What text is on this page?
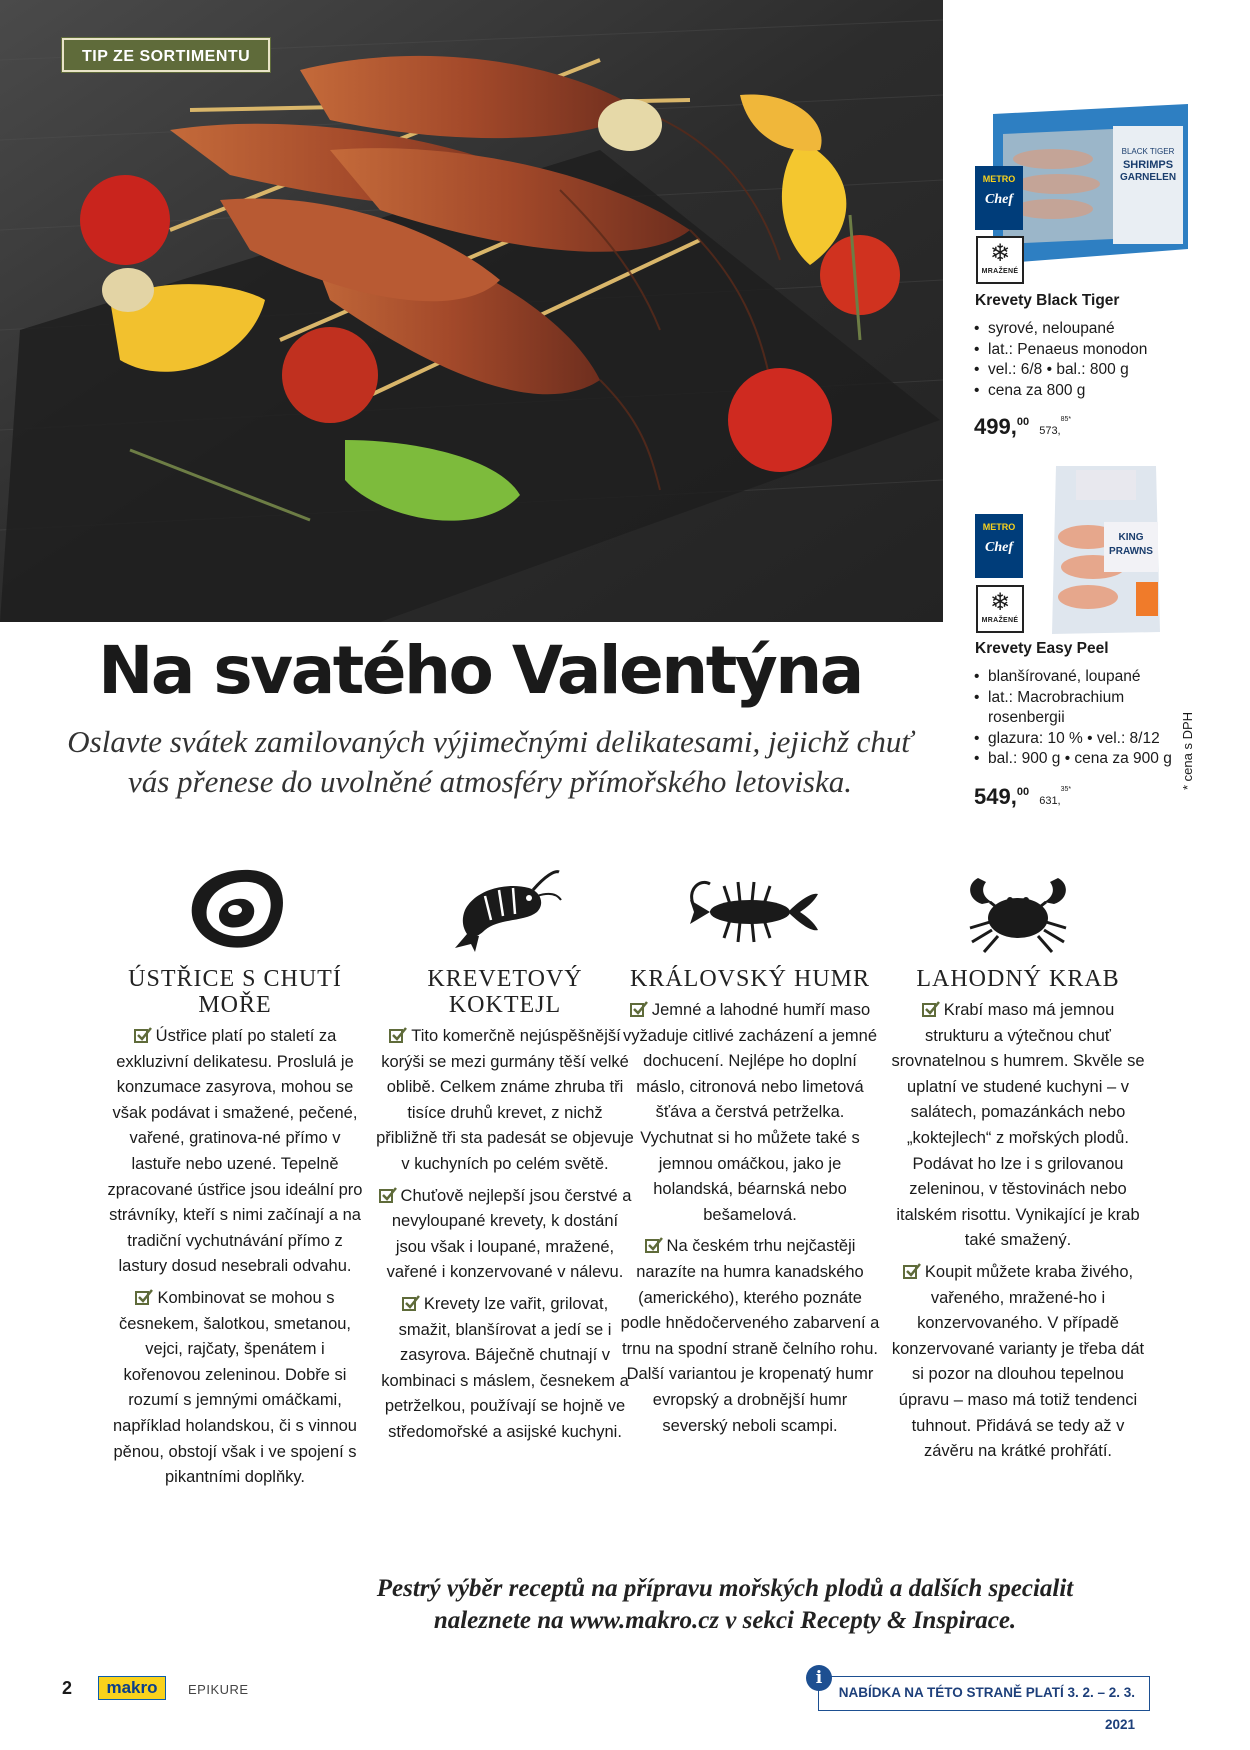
TIP ZE SORTIMENTU
BLACK TIGER
SHRIMPS
GARNELEN
METRO
Chef
❄
MRAŽENÉ
Krevety Black Tiger
• syrové, neloupané
• lat.: Penaeus monodon
• vel.: 6/8 • bal.: 800 g
• cena za 800 g
499,00 573,$^{85*}$
KING
PRAWNS
METRO
Chef
❄
MRAŽENÉ
Krevety Easy Peel
• blanšírované, loupané
• lat.: Macrobrachium
rosenbergii
• glazura: 10 % • vel.: 8/12
• bal.: 900 g • cena za 900 g
549,00 631,$^{35*}$	* cena s DPH
Na svatého Valentýna
Oslavte svátek zamilovaných výjimečnými delikatesami, jejichž chuť vás přenese do uvolněné atmosféry přímořského letoviska.
ÚSTŘICE S CHUTÍ MOŘE

Ústřice platí po staletí za exkluzivní delikatesu. Proslulá je konzumace zasyrova, mohou se však podávat i smažené, pečené, vařené, gratinova-né přímo v lastuře nebo uzené. Tepelně zpracované ústřice jsou ideální pro strávníky, kteří s nimi začínají a na tradiční vychutnávání přímo z lastury dosud nesebrali odvahu.

Kombinovat se mohou s česnekem, šalotkou, smetanou, vejci, rajčaty, špenátem i kořenovou zeleninou. Dobře si rozumí s jemnými omáčkami, například holandskou, či s vinnou pěnou, obstojí však i ve spojení s pikantními doplňky.

KREVETOVÝ KOKTEJL

Tito komerčně nejúspěšnější korýši se mezi gurmány těší velké oblibě. Celkem známe zhruba tři tisíce druhů krevet, z nichž přibližně tři sta padesát se objevuje v kuchyních po celém světě.

Chuťově nejlepší jsou čerstvé a nevyloupané krevety, k dostání jsou však i loupané, mražené, vařené i konzervované v nálevu.

Krevety lze vařit, grilovat, smažit, blanšírovat a jedí se i zasyrova. Báječně chutnají v kombinaci s máslem, česnekem a petrželkou, používají se hojně ve středomořské a asijské kuchyni.

KRÁLOVSKÝ HUMR

Jemné a lahodné humří maso vyžaduje citlivé zacházení a jemné dochucení. Nejlépe ho doplní máslo, citronová nebo limetová šťáva a čerstvá petrželka. Vychutnat si ho můžete také s jemnou omáčkou, jako je holandská, béarnská nebo bešamelová.

Na českém trhu nejčastěji narazíte na humra kanadského (amerického), kterého poznáte podle hnědočerveného zabarvení a trnu na spodní straně čelního rohu. Další variantou je kropenatý humr evropský a drobnější humr severský neboli scampi.

LAHODNÝ KRAB

Krabí maso má jemnou strukturu a výtečnou chuť srovnatelnou s humrem. Skvěle se uplatní ve studené kuchyni – v salátech, pomazánkách nebo „koktejlech“ z mořských plodů. Podávat ho lze i s grilovanou zeleninou, v těstovinách nebo italském risottu. Vynikající je krab také smažený.

Koupit můžete kraba živého, vařeného, mražené-ho i konzervovaného. V případě konzervované varianty je třeba dát si pozor na dlouhou tepelnou úpravu – maso má totiž tendenci tuhnout. Přidává se tedy až v závěru na krátké prohřátí.

Pestrý výběr receptů na přípravu mořských plodů a dalších specialit naleznete na www.makro.cz v sekci Recepty & Inspirace.
2	makro	EPIKURE	NABÍDKA NA TÉTO STRANĚ PLATÍ 3. 2. – 2. 3. 2021
i
